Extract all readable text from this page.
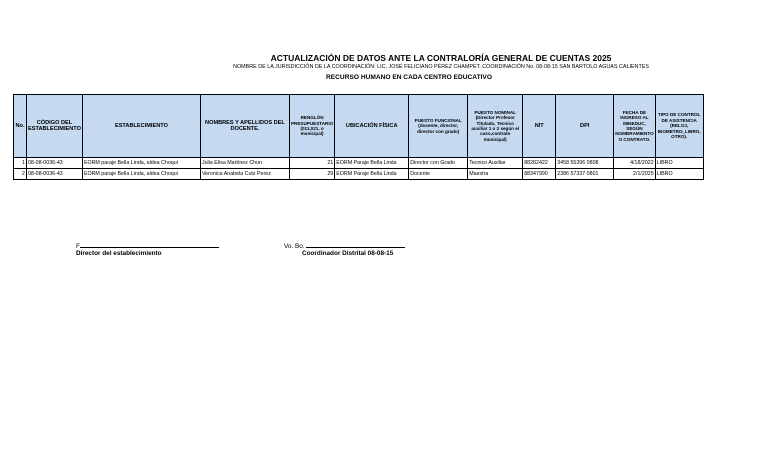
ACTUALIZACIÓN DE DATOS ANTE LA CONTRALORÍA GENERAL DE CUENTAS 2025
NOMBRE DE LA JURISDICCIÓN DE LA COORDINACIÓN: LIC. JOSÉ FELICIANO PÉREZ CHAMPET. COORDINACIÓN No. 08-08-15 SAN BARTOLO AGUAS CALIENTES
RECURSO HUMANO EN CADA CENTRO EDUCATIVO
No.	CÓDIGO DEL ESTABLECIMIENTO	ESTABLECIMIENTO	NOMBRES Y APELLIDOS DEL DOCENTE.	RENGLÓN PRESUPUESTARIO (011,021, o municipal)	UBICACIÓN FÍSICA	PUESTO FUNCIONAL (docente, director, director con grado)	PUESTO NOMINAL (Director Profesor Titulado, Tecnico auxiliar 1 o 2 según el caso,contrato municipal)	NIT	DPI	FECHA DE INGRESO AL MINEDUC, SEGÚN NOMBRAMIENTO O CONTRATO.	TIPO DE CONTROL DE ASISTENCIA (RELOJ, BIOMETRO, LIBRO, OTRO).
1	08-08-0036-43	EORM paraje Bella Linda, aldea Choqui	Julia Elisa Martínez Chun	21	EORM Paraje Bella Linda	Director con Grado	Tecnico Auxiliar	88282422	3458 55396 0808	4/18/2022	LIBRO
2	08-08-0036-43	EORM paraje Bella Linda, aldea Choqui	Veronica Anabela Cutz Perez	29	EORM Paraje Bella Linda	Docente	Maestra	88347990	2386 57337 0801	2/1/2025	LIBRO
F
Director del establecimiento
Vo. Bo.
Coordinador Distrital 08-08-15
